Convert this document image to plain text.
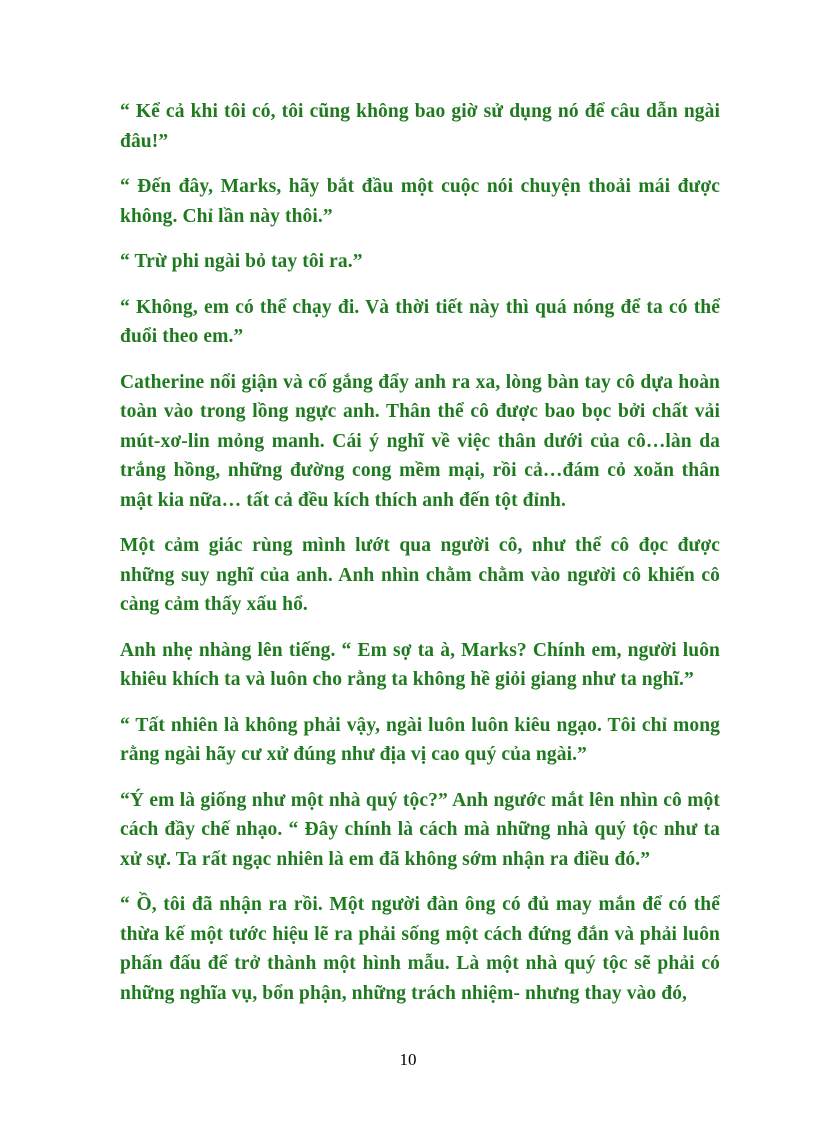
“ Kể cả khi tôi có, tôi cũng không bao giờ sử dụng nó để câu dẫn ngài đâu!”

“ Đến đây, Marks, hãy bắt đầu một cuộc nói chuyện thoải mái được không. Chỉ lần này thôi.”

“ Trừ phi ngài bỏ tay tôi ra.”

“ Không, em có thể chạy đi. Và thời tiết này thì quá nóng để ta có thể đuổi theo em.”

Catherine nổi giận và cố gắng đẩy anh ra xa, lòng bàn tay cô dựa hoàn toàn vào trong lồng ngực anh. Thân thể cô được bao bọc bởi chất vải mút-xơ-lin mỏng manh. Cái ý nghĩ về việc thân dưới của cô…làn da trắng hồng, những đường cong mềm mại, rồi cả…đám cỏ xoăn thân mật kia nữa… tất cả đều kích thích anh đến tột đỉnh.

Một cảm giác rùng mình lướt qua người cô, như thể cô đọc được những suy nghĩ của anh. Anh nhìn chằm chằm vào người cô khiến cô càng cảm thấy xấu hổ.

Anh nhẹ nhàng lên tiếng. “ Em sợ ta à, Marks? Chính em, người luôn khiêu khích ta và luôn cho rằng ta không hề giỏi giang như ta nghĩ.”

“ Tất nhiên là không phải vậy, ngài luôn luôn kiêu ngạo. Tôi chỉ mong rằng ngài hãy cư xử đúng như địa vị cao quý của ngài.”

“Ý em là giống như một nhà quý tộc?” Anh ngước mắt lên nhìn cô một cách đầy chế nhạo. “ Đây chính là cách mà những nhà quý tộc như ta xử sự. Ta rất ngạc nhiên là em đã không sớm nhận ra điều đó.”

“ Ồ, tôi đã nhận ra rồi. Một người đàn ông có đủ may mắn để có thể thừa kế một tước hiệu lẽ ra phải sống một cách đứng đắn và phải luôn phấn đấu để trở thành một hình mẫu. Là một nhà quý tộc sẽ phải có những nghĩa vụ, bổn phận, những trách nhiệm- nhưng thay vào đó,

10
